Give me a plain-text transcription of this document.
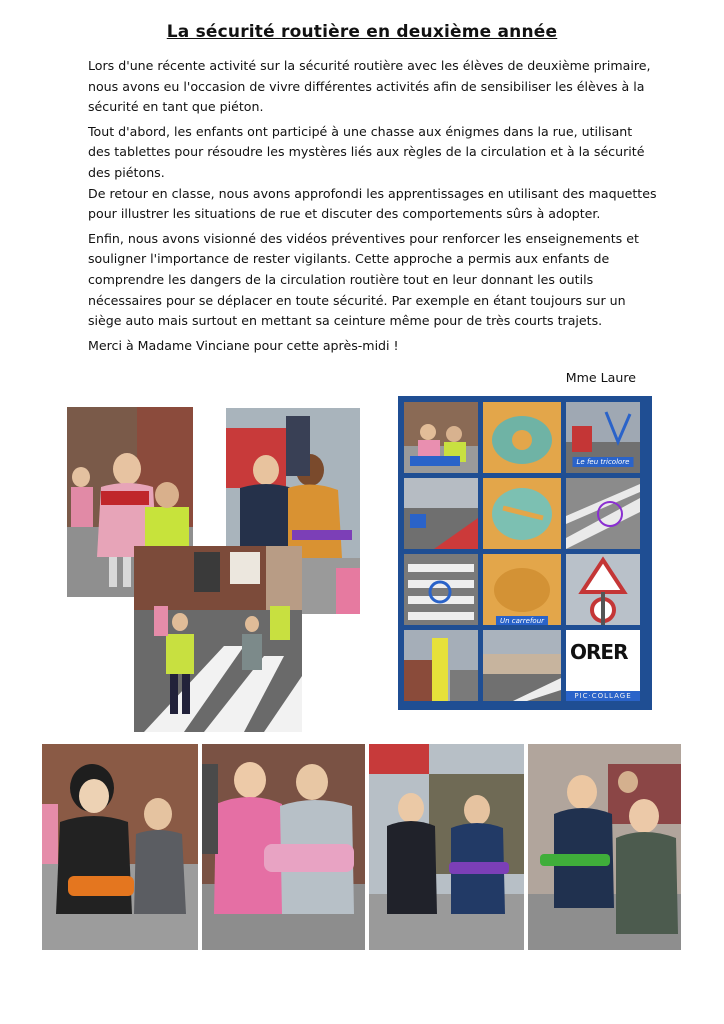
La sécurité routière en deuxième année

Lors d'une récente activité sur la sécurité routière avec les élèves de deuxième primaire, nous avons eu l'occasion de vivre différentes activités afin de sensibiliser les élèves à la sécurité en tant que piéton.

Tout d'abord, les enfants ont participé à une chasse aux énigmes dans la rue, utilisant des tablettes pour résoudre les mystères liés aux règles de la circulation et à la sécurité des piétons.

De retour en classe, nous avons approfondi les apprentissages en utilisant des maquettes pour illustrer les situations de rue et discuter des comportements sûrs à adopter.

Enfin, nous avons visionné des vidéos préventives pour renforcer les enseignements et souligner l'importance de rester vigilants. Cette approche a permis aux enfants de comprendre les dangers de la circulation routière tout en leur donnant les outils nécessaires pour se déplacer en toute sécurité. Par exemple en étant toujours sur un siège auto mais surtout en mettant sa ceinture même pour de très courts trajets.

Merci à Madame Vinciane pour cette après-midi !

Mme Laure
Le feu tricolore
Un carrefour
ORER
PIC·COLLAGE
